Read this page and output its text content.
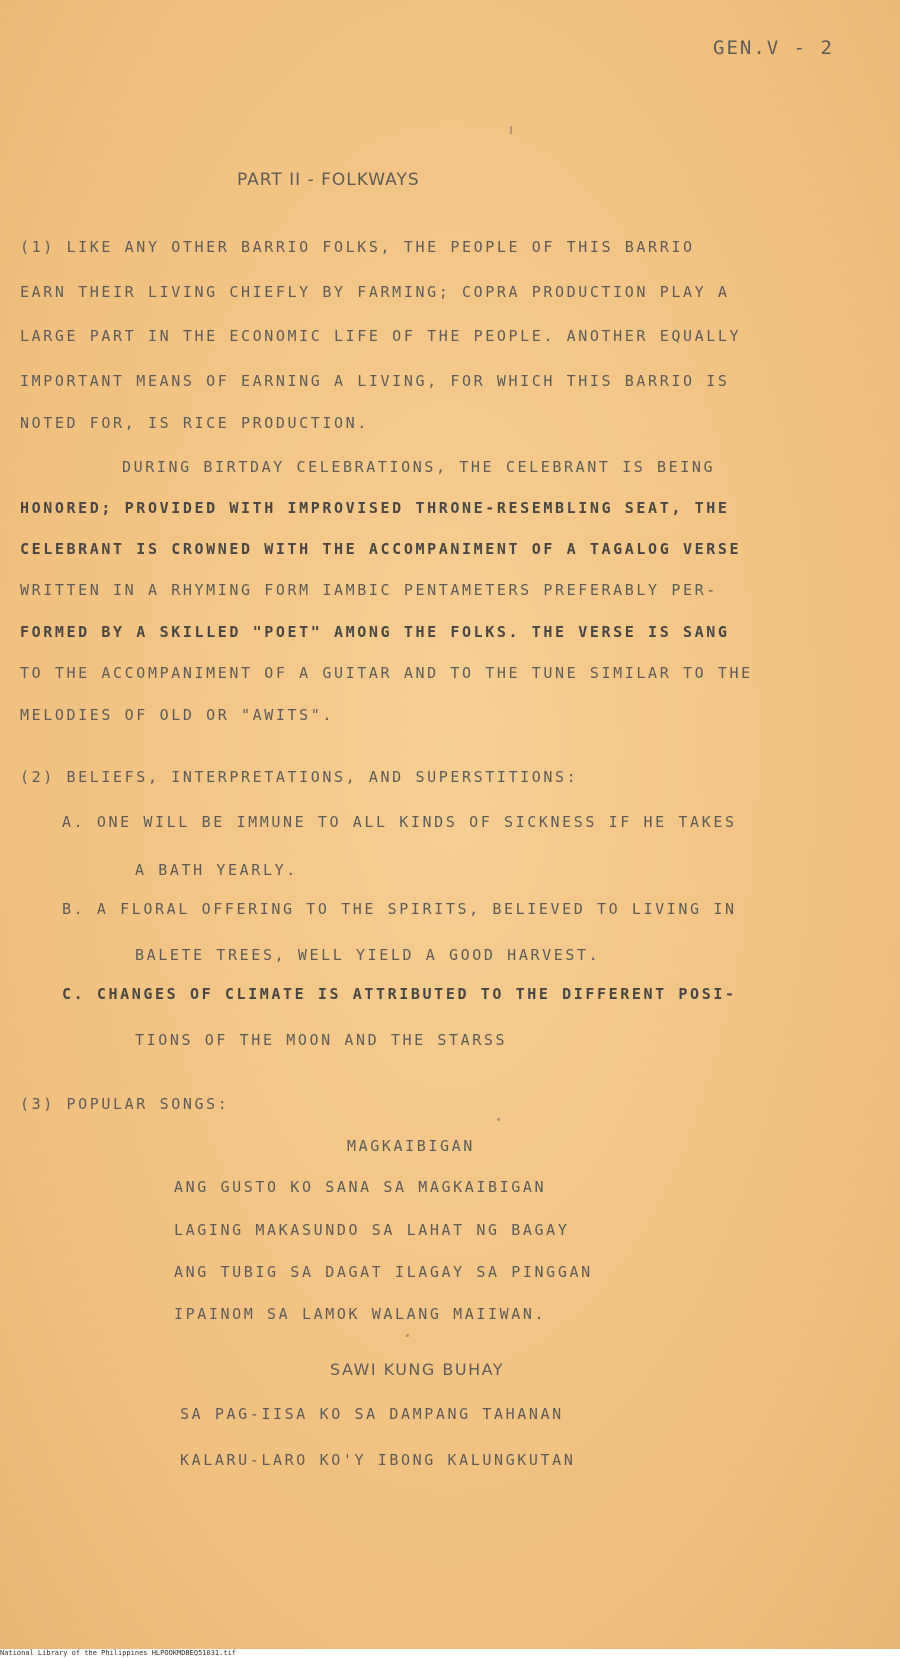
GEN.V - 2
PART II - FOLKWAYS
(1) LIKE ANY OTHER BARRIO FOLKS, THE PEOPLE OF THIS BARRIO
EARN THEIR LIVING CHIEFLY BY FARMING; COPRA PRODUCTION PLAY A
LARGE PART IN THE ECONOMIC LIFE OF THE PEOPLE. ANOTHER EQUALLY
IMPORTANT MEANS OF EARNING A LIVING, FOR WHICH THIS BARRIO IS
NOTED FOR, IS RICE PRODUCTION.
DURING BIRTDAY CELEBRATIONS, THE CELEBRANT IS BEING
HONORED; PROVIDED WITH IMPROVISED THRONE-RESEMBLING SEAT, THE
CELEBRANT IS CROWNED WITH THE ACCOMPANIMENT OF A TAGALOG VERSE
WRITTEN IN A RHYMING FORM IAMBIC PENTAMETERS PREFERABLY PER-
FORMED BY A SKILLED "POET" AMONG THE FOLKS. THE VERSE IS SANG
TO THE ACCOMPANIMENT OF A GUITAR AND TO THE TUNE SIMILAR TO THE
MELODIES OF OLD OR "AWITS".
(2) BELIEFS, INTERPRETATIONS, AND SUPERSTITIONS:
A. ONE WILL BE IMMUNE TO ALL KINDS OF SICKNESS IF HE TAKES
A BATH YEARLY.
B. A FLORAL OFFERING TO THE SPIRITS, BELIEVED TO LIVING IN
BALETE TREES, WELL YIELD A GOOD HARVEST.
C. CHANGES OF CLIMATE IS ATTRIBUTED TO THE DIFFERENT POSI-
TIONS OF THE MOON AND THE STARSS
(3) POPULAR SONGS:
MAGKAIBIGAN
ANG GUSTO KO SANA SA MAGKAIBIGAN
LAGING MAKASUNDO SA LAHAT NG BAGAY
ANG TUBIG SA DAGAT ILAGAY SA PINGGAN
IPAINOM SA LAMOK WALANG MAIIWAN.
SAWI KUNG BUHAY
SA PAG-IISA KO SA DAMPANG TAHANAN
KALARU-LARO KO'Y IBONG KALUNGKUTAN
National Library of the Philippines HLPOOKMDBEQ51031.tif
